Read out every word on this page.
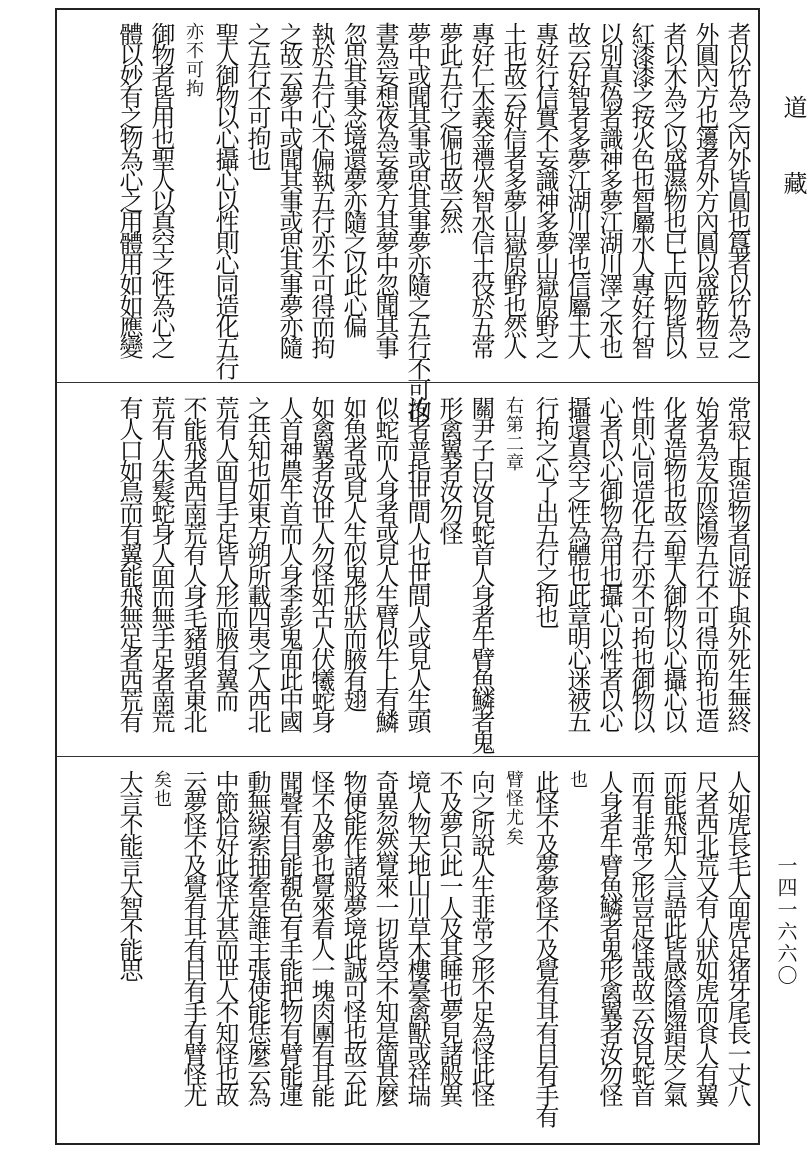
道藏
一四一六六〇
者以竹為之內外皆圓也簋者以竹為之
外圓內方也籩者外方內圓以盛乾物豆
者以木為之以盛濕物也巳上四物皆以
紅漆漆之按火色也智屬水人專好行智
以別真偽者識神多夢江湖川澤之水也
故云好智者多夢江湖川澤也信屬土人
專好行信實不妄識神多夢山嶽原野之
土也故云好信者多夢山嶽原野也然人
專好仁木義金禮火智水信土役於五常
夢此五行之偏也故云然
夢中或聞其事或思其事夢亦隨之五行不可拘
晝為妄想夜為妄夢方其夢中忽聞其事
忽思其事念境還夢亦隨之以此心偏
執於五行心不偏執五行亦不可得而拘
之故云夢中或聞其事或思其事夢亦隨
之五行不可拘也
聖人御物以心攝心以性則心同造化五行
亦不可拘
御物者皆用也聖人以真空之性為心之
體以妙有之物為心之用體用如如應變
常寂上與造物者同游下與外死生無終
始者為友而陰陽五行不可得而拘也造
化者造物也故云聖人御物以心攝心以
性則心同造化五行亦不可拘也御物以
心者以心御物為用也攝心以性者以心
攝還真空之性為體也此章明心迷被五
行拘之心了出五行之拘也
右第二章
關尹子曰汝見蛇首人身者牛臂魚鱗者鬼
形禽翼者汝勿怪
汝者普指世間人也世間人或見人生頭
似蛇而人身者或見人生臂似牛上有鱗
如魚者或見人生似鬼形狀而腋有翅
如禽翼者汝世人勿怪如古人伏犧蛇身
人首神農牛首而人身李彭鬼面此中國
之共知也如東方朔所載四夷之人西北
荒有人面目手足皆人形而腋有翼而
不能飛者西南荒有人身毛豬頭者東北
荒有人朱髮蛇身人面而無手足者南荒
有人口如鳥而有翼能飛無足者西荒有
人如虎長毛人面虎足猪牙尾長一丈八
尺者西北荒又有人狀如虎而食人有翼
而能飛知人言語此皆感陰陽錯戾之氣
而有非常之形豈足怪哉故云汝見蛇首
人身者牛臂魚鱗者鬼形禽翼者汝勿怪
也
此怪不及夢夢怪不及覺有耳有目有手有
臂怪尤矣
向之所說人生非常之形不足為怪此怪
不及夢只此一人及其睡也夢見諸般異
境人物天地山川草木樓臺禽獸或祥瑞
奇異忽然覺來一切皆空不知是箇甚麼
物便能作諸般夢境此誠可怪也故云此
怪不及夢也覺來看人一塊肉團有耳能
聞聲有目能覩色有手能把物有臂能運
動無線索抽牽是誰主張使能恁麼云為
中節恰好此怪尤甚而世人不知怪也故
云夢怪不及覺有耳有目有手有臂怪尤
矣也
大言不能言大智不能思
